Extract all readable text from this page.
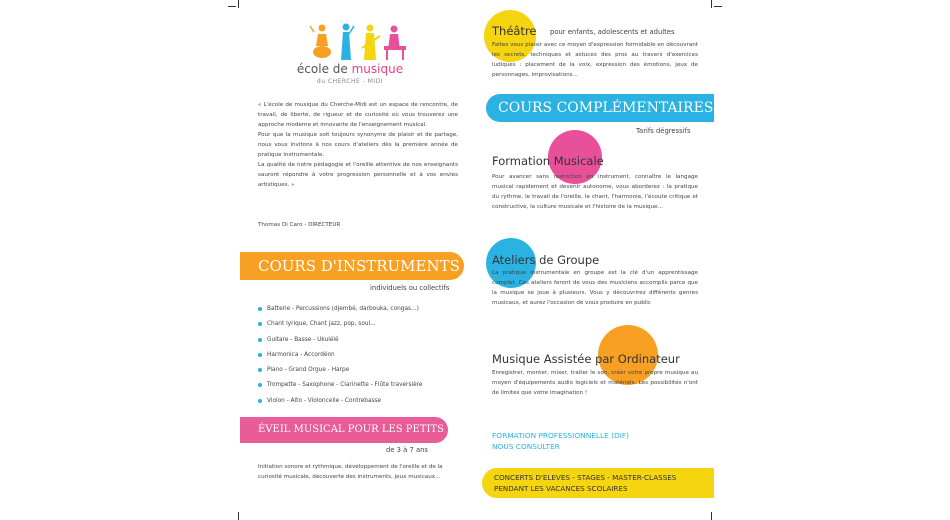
école de musique
du CHERCHE - MIDI

« L'école de musique du Cherche-Midi est un espace de rencontre, de travail, de liberté, de rigueur et de curiosité où vous trouverez une approche moderne et innovante de l'enseignement musical.

Pour que la musique soit toujours synonyme de plaisir et de partage, nous vous invitons à nos cours d'ateliers dès la première année de pratique instrumentale.

La qualité de notre pédagogie et l'oreille attentive de nos enseignants sauront répondre à votre progression personnelle et à vos envies artistiques. »

Thomas Di Caro - DIRECTEUR
COURS D'INSTRUMENTS
individuels ou collectifs
Batterie - Percussions (djembé, darbouka, congas...)
Chant lyrique, Chant jazz, pop, soul...
Guitare - Basse - Ukulélé
Harmonica - Accordéon
Piano - Grand Orgue - Harpe
Trompette - Saxophone - Clarinette - Flûte traversière
Violon - Alto - Violoncelle - Contrebasse
ÉVEIL MUSICAL POUR LES PETITS
de 3 à 7 ans
Initiation sonore et rythmique, développement de l'oreille et de la curiosité musicale, découverte des instruments, jeux musicaux...
Théâtre pour enfants, adolescents et adultes
Faites vous plaisir avec ce moyen d'expression formidable en découvrant les secrets, techniques et astuces des pros au travers d'exercices ludiques : placement de la voix, expression des émotions, jeux de personnages, improvisations...
COURS COMPLÉMENTAIRES
Tarifs dégressifs
Formation Musicale
Pour avancer sans restriction en instrument, connaître le langage musical rapidement et devenir autonome, vous aborderez : la pratique du rythme, le travail de l'oreille, le chant, l'harmonie, l'écoute critique et constructive, la culture musicale et l'histoire de la musique...
Ateliers de Groupe
La pratique instrumentale en groupe est la clé d'un apprentissage complet. Ces ateliers feront de vous des musiciens accomplis parce que la musique se joue à plusieurs. Vous y découvrirez différents genres musicaux, et aurez l'occasion de vous produire en public
Musique Assistée par Ordinateur
Enregistrer, monter, mixer, traiter le son, créer votre propre musique au moyen d'équipements audio logiciels et matériels. Les possibilités n'ont de limites que votre imagination !
FORMATION PROFESSIONNELLE (DIF)
NOUS CONSULTER
CONCERTS D'ELEVES - STAGES - MASTER-CLASSES
PENDANT LES VACANCES SCOLAIRES
